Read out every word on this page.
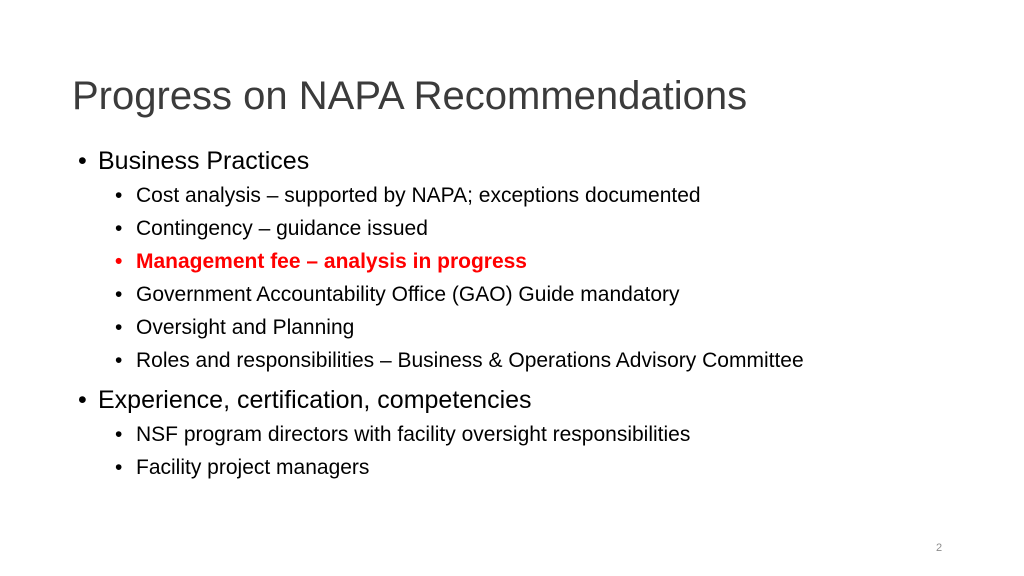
Progress on NAPA Recommendations
• Business Practices
• Cost analysis – supported by NAPA; exceptions documented
• Contingency – guidance issued
• Management fee – analysis in progress
• Government Accountability Office (GAO) Guide mandatory
• Oversight and Planning
• Roles and responsibilities – Business & Operations Advisory Committee
• Experience, certification, competencies
• NSF program directors with facility oversight responsibilities
• Facility project managers
2
